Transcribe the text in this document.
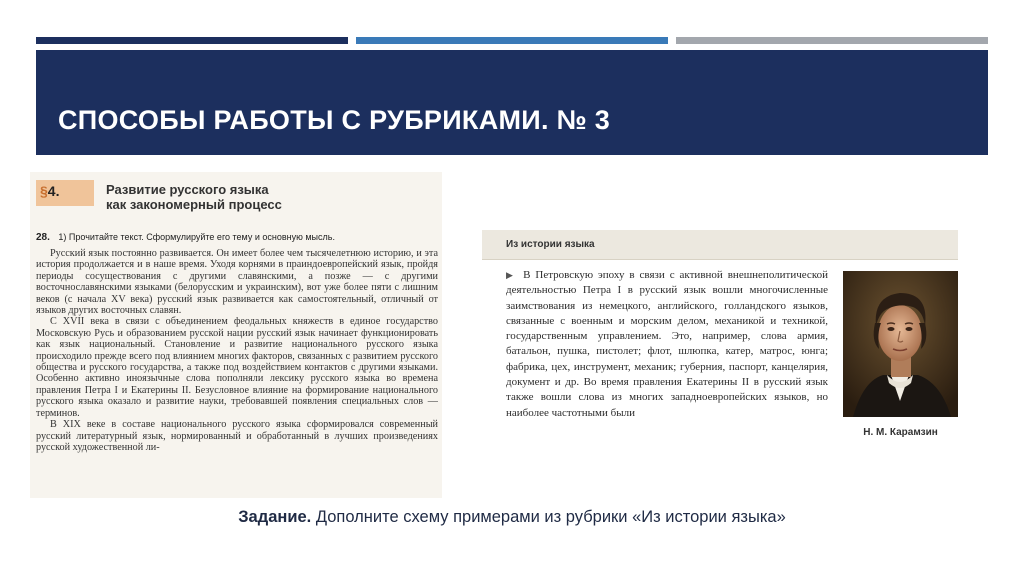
СПОСОБЫ РАБОТЫ С РУБРИКАМИ. № 3
§4.	Развитие русского языка
как закономерный процесс
28. 1) Прочитайте текст. Сформулируйте его тему и основную мысль.

Русский язык постоянно развивается. Он имеет более чем тысячелетнюю историю, и эта история продолжается и в наше время. Уходя корнями в праиндоевропейский язык, пройдя периоды сосуществования с другими славянскими, а позже — с другими восточнославянскими языками (белорусским и украинским), вот уже более пяти с лишним веков (с начала XV века) русский язык развивается как самостоятельный, отличный от языков других восточных славян.

С XVII века в связи с объединением феодальных княжеств в единое государство Московскую Русь и образованием русской нации русский язык начинает функционировать как язык национальный. Становление и развитие национального русского языка происходило прежде всего под влиянием многих факторов, связанных с развитием русского общества и русского государства, а также под воздействием контактов с другими языками. Особенно активно иноязычные слова пополняли лексику русского языка во времена правления Петра I и Екатерины II. Безусловное влияние на формирование национального русского языка оказало и развитие науки, требовавшей появления специальных слов — терминов.

В XIX веке в составе национального русского языка сформировался современный русский литературный язык, нормированный и обработанный в лучших произведениях русской художественной ли-

Из истории языка
▶ В Петровскую эпоху в связи с активной внешнеполитической деятельностью Петра I в русский язык вошли многочисленные заимствования из немецкого, английского, голландского языков, связанные с военным и морским делом, механикой и техникой, государственным управлением. Это, например, слова армия, батальон, пушка, пистолет; флот, шлюпка, катер, матрос, юнга; фабрика, цех, инструмент, механик; губерния, паспорт, канцелярия, документ и др. Во время правления Екатерины II в русский язык также вошли слова из многих западноевропейских языков, но наиболее частотными были
Н. М. Карамзин
Задание. Дополните схему примерами из рубрики «Из истории языка»
